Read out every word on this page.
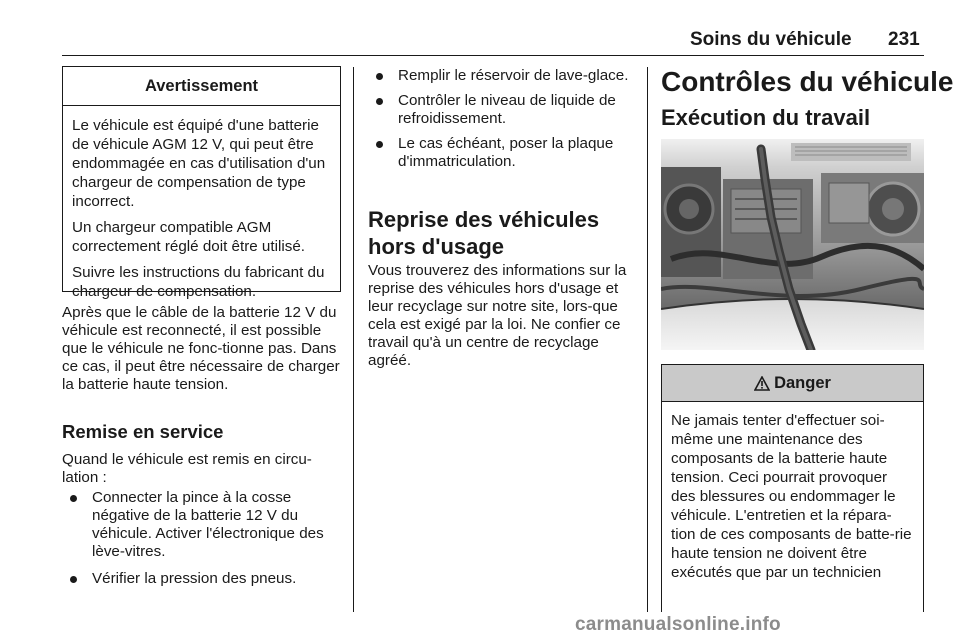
Soins du véhicule 231
Avertissement

Le véhicule est équipé d'une batterie de véhicule AGM 12 V, qui peut être endommagée en cas d'utilisation d'un chargeur de compensation de type incorrect.

Un chargeur compatible AGM correctement réglé doit être utilisé.

Suivre les instructions du fabricant du chargeur de compensation.

Après que le câble de la batterie 12 V du véhicule est reconnecté, il est possible que le véhicule ne fonc-tionne pas. Dans ce cas, il peut être nécessaire de charger la batterie haute tension.

Remise en service

Quand le véhicule est remis en circu-lation :

Connecter la pince à la cosse négative de la batterie 12 V du véhicule. Activer l'électronique des lève-vitres.
Vérifier la pression des pneus.
Remplir le réservoir de lave-glace.
Contrôler le niveau de liquide de refroidissement.
Le cas échéant, poser la plaque d'immatriculation.
Reprise des véhicules hors d'usage

Vous trouverez des informations sur la reprise des véhicules hors d'usage et leur recyclage sur notre site, lors-que cela est exigé par la loi. Ne confier ce travail qu'à un centre de recyclage agréé.

Contrôles du véhicule
Exécution du travail
Danger

Ne jamais tenter d'effectuer soi-même une maintenance des composants de la batterie haute tension. Ceci pourrait provoquer des blessures ou endommager le véhicule. L'entretien et la répara-tion de ces composants de batte-rie haute tension ne doivent être exécutés que par un technicien

carmanualsonline.info
